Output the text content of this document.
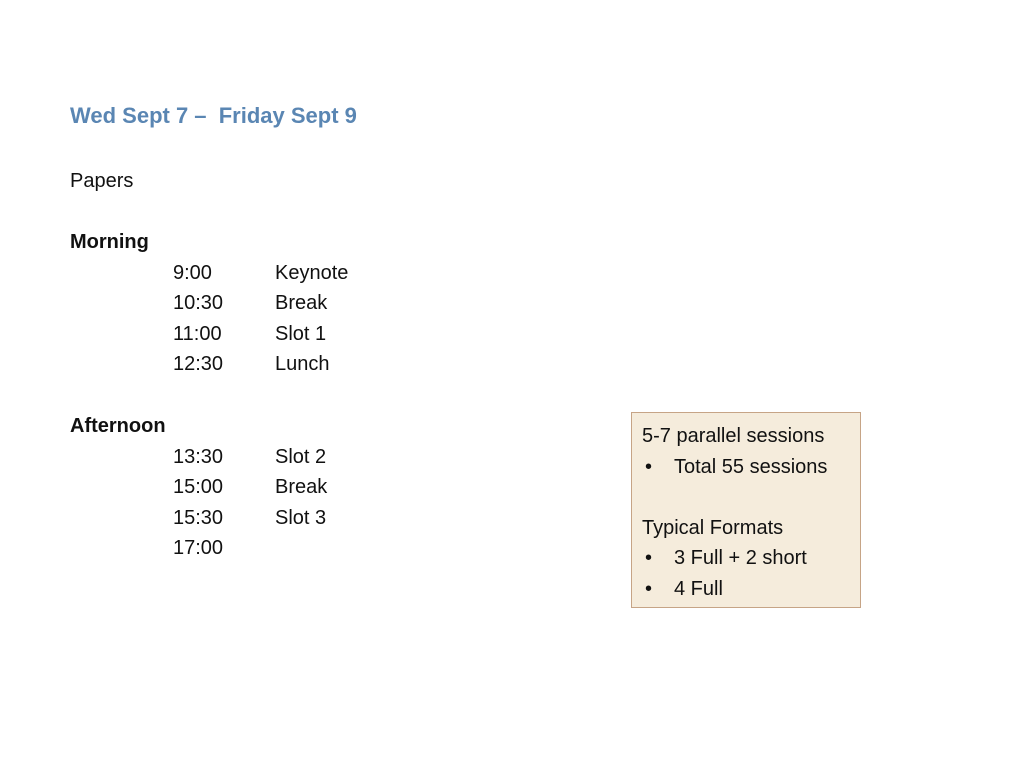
Wed Sept 7 –  Friday Sept 9
Papers
Morning
9:00	Keynote
10:30	Break
11:00	Slot 1
12:30	Lunch
Afternoon
13:30	Slot 2
15:00	Break
15:30	Slot 3
17:00
5-7 parallel sessions
• Total 55 sessions
Typical Formats
• 3 Full + 2 short
• 4 Full
